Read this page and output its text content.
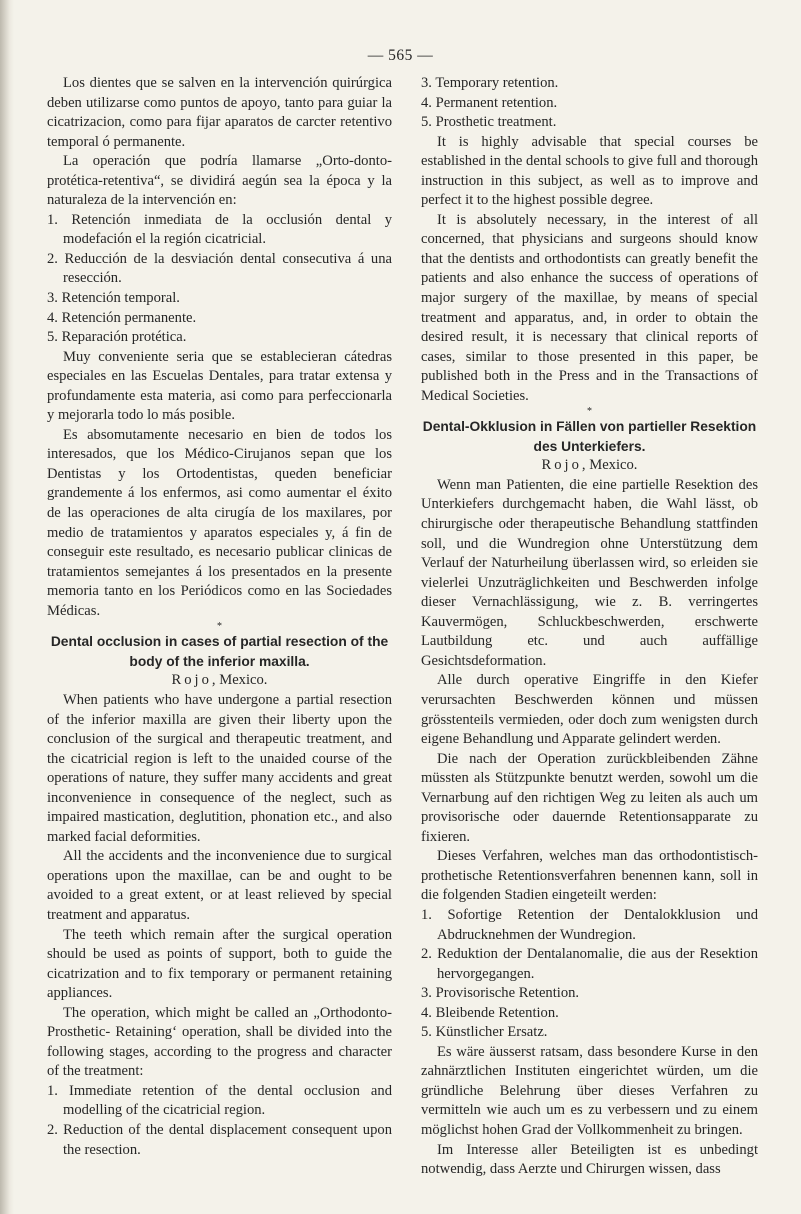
— 565 —

Los dientes que se salven en la intervención quirúrgica deben utilizarse como puntos de apoyo, tanto para guiar la cicatrizacion, como para fijar aparatos de carcter retentivo temporal ó permanente.

La operación que podría llamarse „Orto-donto-protética-retentiva“, se dividirá aegún sea la época y la naturaleza de la intervención en:

1. Retención inmediata de la occlusión dental y modefación el la región cicatricial.
2. Reducción de la desviación dental consecutiva á una resección.
3. Retención temporal.
4. Retención permanente.
5. Reparación protética.

Muy conveniente seria que se establecieran cátedras especiales en las Escuelas Dentales, para tratar extensa y profundamente esta materia, asi como para perfeccionarla y mejorarla todo lo más posible.

Es absomutamente necesario en bien de todos los interesados, que los Médico-Cirujanos sepan que los Dentistas y los Ortodentistas, queden beneficiar grandemente á los enfermos, asi como aumentar el éxito de las operaciones de alta cirugía de los maxilares, por medio de tratamientos y aparatos especiales y, á fin de conseguir este resultado, es necesario publicar clinicas de tratamientos semejantes á los presentados en la presente memoria tanto en los Periódicos como en las Sociedades Médicas.

*
Dental occlusion in cases of partial resection of the body of the inferior maxilla.
Rojo, Mexico.

When patients who have undergone a partial resection of the inferior maxilla are given their liberty upon the conclusion of the surgical and therapeutic treatment, and the cicatricial region is left to the unaided course of the operations of nature, they suffer many accidents and great inconvenience in consequence of the neglect, such as impaired mastication, deglutition, phonation etc., and also marked facial deformities.

All the accidents and the inconvenience due to surgical operations upon the maxillae, can be and ought to be avoided to a great extent, or at least relieved by special treatment and apparatus.

The teeth which remain after the surgical operation should be used as points of support, both to guide the cicatrization and to fix temporary or permanent retaining appliances.

The operation, which might be called an „Orthodonto-Prosthetic- Retaining‘ operation, shall be divided into the following stages, according to the progress and character of the treatment:

1. Immediate retention of the dental occlusion and modelling of the cicatricial region.
2. Reduction of the dental displacement consequent upon the resection.
3. Temporary retention.
4. Permanent retention.
5. Prosthetic treatment.

It is highly advisable that special courses be established in the dental schools to give full and thorough instruction in this subject, as well as to improve and perfect it to the highest possible degree.

It is absolutely necessary, in the interest of all concerned, that physicians and surgeons should know that the dentists and orthodontists can greatly benefit the patients and also enhance the success of operations of major surgery of the maxillae, by means of special treatment and apparatus, and, in order to obtain the desired result, it is necessary that clinical reports of cases, similar to those presented in this paper, be published both in the Press and in the Transactions of Medical Societies.

*
Dental-Okklusion in Fällen von partieller Resektion des Unterkiefers.
Rojo, Mexico.

Wenn man Patienten, die eine partielle Resektion des Unterkiefers durchgemacht haben, die Wahl lässt, ob chirurgische oder therapeutische Behandlung stattfinden soll, und die Wundregion ohne Unterstützung dem Verlauf der Naturheilung überlassen wird, so erleiden sie vielerlei Unzuträglichkeiten und Beschwerden infolge dieser Vernachlässigung, wie z. B. verringertes Kauvermögen, Schluckbeschwerden, erschwerte Lautbildung etc. und auch auffällige Gesichtsdeformation.

Alle durch operative Eingriffe in den Kiefer verursachten Beschwerden können und müssen grösstenteils vermieden, oder doch zum wenigsten durch eigene Behandlung und Apparate gelindert werden.

Die nach der Operation zurückbleibenden Zähne müssten als Stützpunkte benutzt werden, sowohl um die Vernarbung auf den richtigen Weg zu leiten als auch um provisorische oder dauernde Retentionsapparate zu fixieren.

Dieses Verfahren, welches man das orthodontistisch-prothetische Retentionsverfahren benennen kann, soll in die folgenden Stadien eingeteilt werden:

1. Sofortige Retention der Dentalokklusion und Abdrucknehmen der Wundregion.
2. Reduktion der Dentalanomalie, die aus der Resektion hervorgegangen.
3. Provisorische Retention.
4. Bleibende Retention.
5. Künstlicher Ersatz.

Es wäre äusserst ratsam, dass besondere Kurse in den zahnärztlichen Instituten eingerichtet würden, um die gründliche Belehrung über dieses Verfahren zu vermitteln wie auch um es zu verbessern und zu einem möglichst hohen Grad der Vollkommenheit zu bringen.

Im Interesse aller Beteiligten ist es unbedingt notwendig, dass Aerzte und Chirurgen wissen, dass
